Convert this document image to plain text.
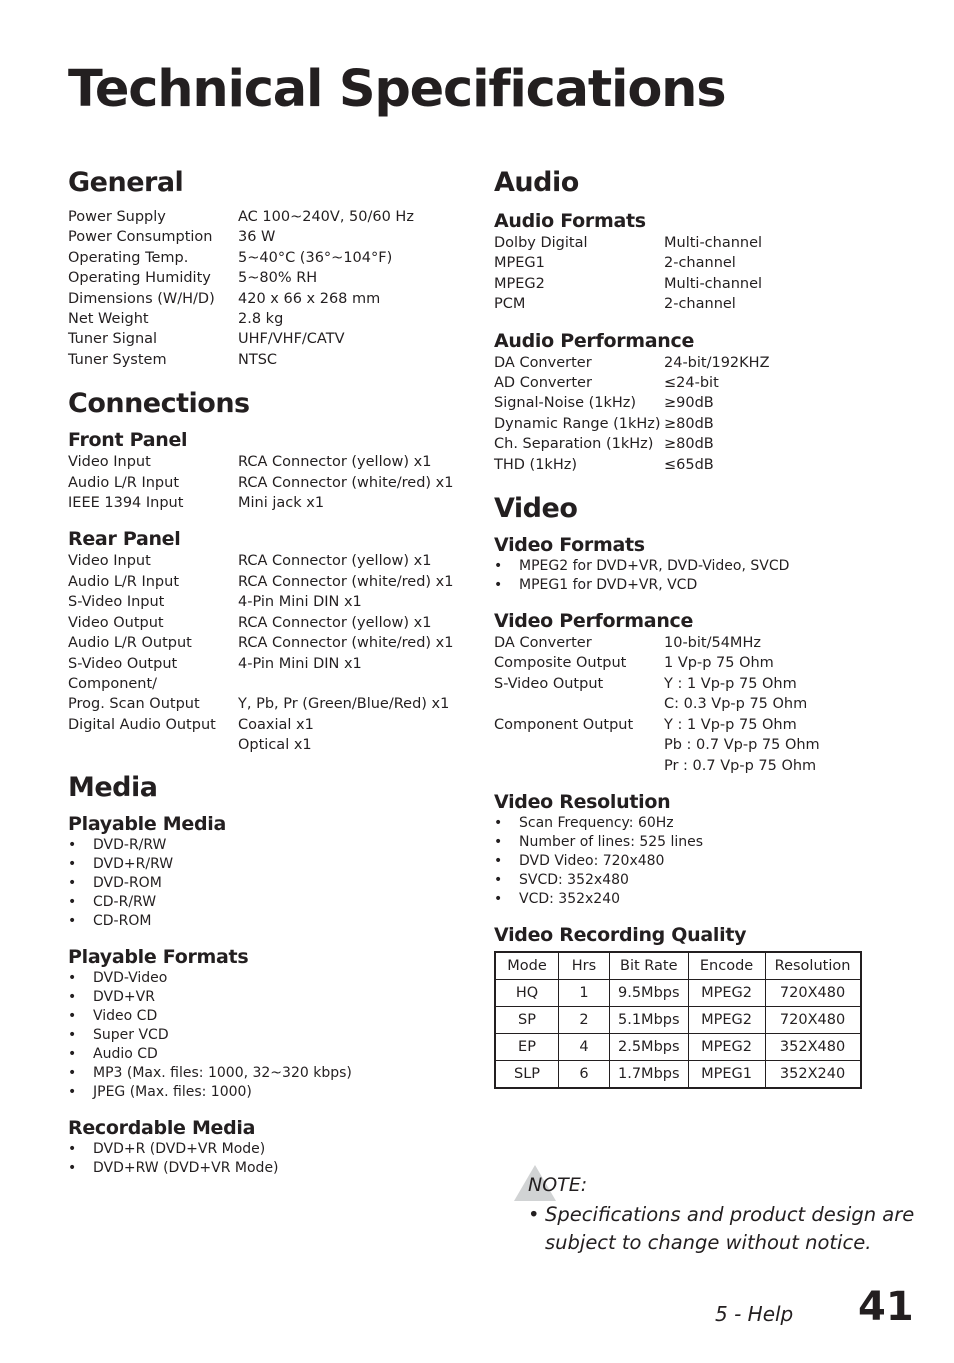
Technical Specifications
General
Power Supply	AC 100~240V, 50/60 Hz
Power Consumption	36 W
Operating Temp.	5~40°C (36°~104°F)
Operating Humidity	5~80% RH
Dimensions (W/H/D)	420 x 66 x 268 mm
Net Weight	2.8 kg
Tuner Signal	UHF/VHF/CATV
Tuner System	NTSC
Connections
Front Panel
Video Input	RCA Connector (yellow) x1
Audio L/R Input	RCA Connector (white/red) x1
IEEE 1394 Input	Mini jack x1
Rear Panel
Video Input	RCA Connector (yellow) x1
Audio L/R Input	RCA Connector (white/red) x1
S-Video Input	4-Pin Mini DIN x1
Video Output	RCA Connector (yellow) x1
Audio L/R Output	RCA Connector (white/red) x1
S-Video Output	4-Pin Mini DIN x1
Component/
Prog. Scan Output	Y, Pb, Pr (Green/Blue/Red) x1
Digital Audio Output	Coaxial x1
Optical x1
Media
Playable Media
• DVD-R/RW
• DVD+R/RW
• DVD-ROM
• CD-R/RW
• CD-ROM
Playable Formats
• DVD-Video
• DVD+VR
• Video CD
• Super VCD
• Audio CD
• MP3 (Max. files: 1000, 32~320 kbps)
• JPEG (Max. files: 1000)
Recordable Media
• DVD+R (DVD+VR Mode)
• DVD+RW (DVD+VR Mode)
Audio
Audio Formats
Dolby Digital	Multi-channel
MPEG1	2-channel
MPEG2	Multi-channel
PCM	2-channel
Audio Performance
DA Converter	24-bit/192KHZ
AD Converter	≤24-bit
Signal-Noise (1kHz)	≥90dB
Dynamic Range (1kHz) ≥80dB
Ch. Separation (1kHz) ≥80dB
THD (1kHz)	≤65dB
Video
Video Formats
• MPEG2 for DVD+VR, DVD-Video, SVCD
• MPEG1 for DVD+VR, VCD
Video Performance
DA Converter	10-bit/54MHz
Composite Output	1 Vp-p 75 Ohm
S-Video Output	Y : 1 Vp-p 75 Ohm
C: 0.3 Vp-p 75 Ohm
Component Output	Y : 1 Vp-p 75 Ohm
Pb : 0.7 Vp-p 75 Ohm
Pr : 0.7 Vp-p 75 Ohm
Video Resolution
• Scan Frequency: 60Hz
• Number of lines: 525 lines
• DVD Video: 720x480
• SVCD: 352x480
• VCD: 352x240
Video Recording Quality
Mode	Hrs	Bit Rate	Encode	Resolution
HQ	1	9.5Mbps	MPEG2	720X480
SP	2	5.1Mbps	MPEG2	720X480
EP	4	2.5Mbps	MPEG2	352X480
SLP	6	1.7Mbps	MPEG1	352X240
NOTE:
• Specifications and product design are
subject to change without notice.
5 - Help 41
